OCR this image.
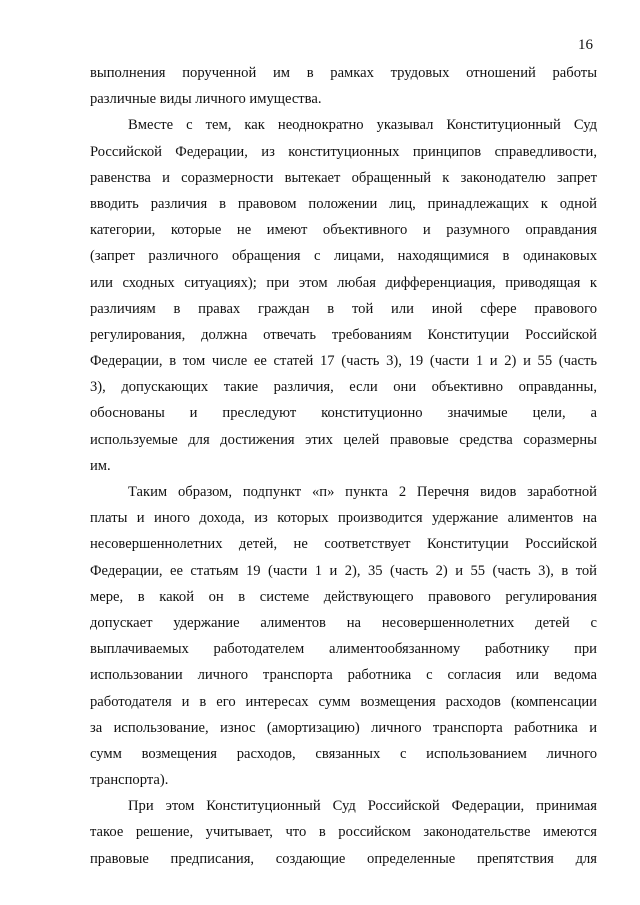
16
выполнения порученной им в рамках трудовых отношений работы
различные виды личного имущества.
Вместе с тем, как неоднократно указывал Конституционный Суд
Российской Федерации, из конституционных принципов справедливости,
равенства и соразмерности вытекает обращенный к законодателю запрет
вводить различия в правовом положении лиц, принадлежащих к одной
категории, которые не имеют объективного и разумного оправдания
(запрет различного обращения с лицами, находящимися в одинаковых
или сходных ситуациях); при этом любая дифференциация, приводящая к
различиям в правах граждан в той или иной сфере правового
регулирования, должна отвечать требованиям Конституции Российской
Федерации, в том числе ее статей 17 (часть 3), 19 (части 1 и 2) и 55 (часть
3), допускающих такие различия, если они объективно оправданны,
обоснованы и преследуют конституционно значимые цели, а
используемые для достижения этих целей правовые средства соразмерны
им.
Таким образом, подпункт «п» пункта 2 Перечня видов заработной
платы и иного дохода, из которых производится удержание алиментов на
несовершеннолетних детей, не соответствует Конституции Российской
Федерации, ее статьям 19 (части 1 и 2), 35 (часть 2) и 55 (часть 3), в той
мере, в какой он в системе действующего правового регулирования
допускает удержание алиментов на несовершеннолетних детей с
выплачиваемых работодателем алиментообязанному работнику при
использовании личного транспорта работника с согласия или ведома
работодателя и в его интересах сумм возмещения расходов (компенсации
за использование, износ (амортизацию) личного транспорта работника и
сумм возмещения расходов, связанных с использованием личного
транспорта).
При этом Конституционный Суд Российской Федерации, принимая
такое решение, учитывает, что в российском законодательстве имеются
правовые предписания, создающие определенные препятствия для
